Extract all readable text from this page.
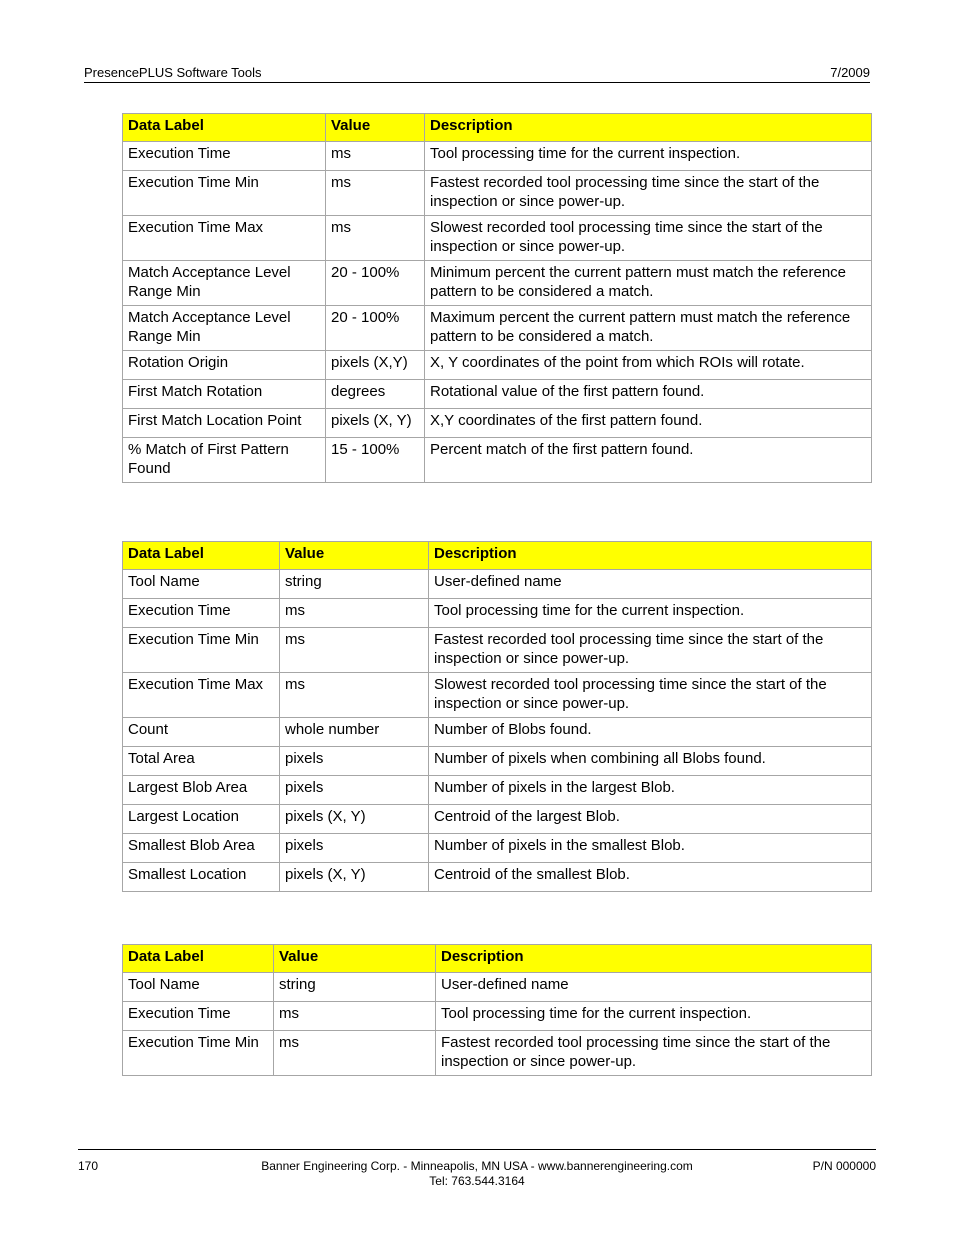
PresencePLUS Software Tools	7/2009
Data Label	Value	Description
Execution Time	ms	Tool processing time for the current inspection.
Execution Time Min	ms	Fastest recorded tool processing time since the start of the inspection or since power-up.
Execution Time Max	ms	Slowest recorded tool processing time since the start of the inspection or since power-up.
Match Acceptance Level Range Min	20 - 100%	Minimum percent the current pattern must match the reference pattern to be considered a match.
Match Acceptance Level Range Min	20 - 100%	Maximum percent the current pattern must match the reference pattern to be considered a match.
Rotation Origin	pixels (X,Y)	X, Y coordinates of the point from which ROIs will rotate.
First Match Rotation	degrees	Rotational value of the first pattern found.
First Match Location Point	pixels (X, Y)	X,Y coordinates of the first pattern found.
% Match of First Pattern Found	15 - 100%	Percent match of the first pattern found.
Data Label	Value	Description
Tool Name	string	User-defined name
Execution Time	ms	Tool processing time for the current inspection.
Execution Time Min	ms	Fastest recorded tool processing time since the start of the inspection or since power-up.
Execution Time Max	ms	Slowest recorded tool processing time since the start of the inspection or since power-up.
Count	whole number	Number of Blobs found.
Total Area	pixels	Number of pixels when combining all Blobs found.
Largest Blob Area	pixels	Number of pixels in the largest Blob.
Largest Location	pixels (X, Y)	Centroid of the largest Blob.
Smallest Blob Area	pixels	Number of pixels in the smallest Blob.
Smallest Location	pixels (X, Y)	Centroid of the smallest Blob.
Data Label	Value	Description
Tool Name	string	User-defined name
Execution Time	ms	Tool processing time for the current inspection.
Execution Time Min	ms	Fastest recorded tool processing time since the start of the inspection or since power-up.
170	Banner Engineering Corp. - Minneapolis, MN USA - www.bannerengineering.com
Tel: 763.544.3164
P/N 000000
